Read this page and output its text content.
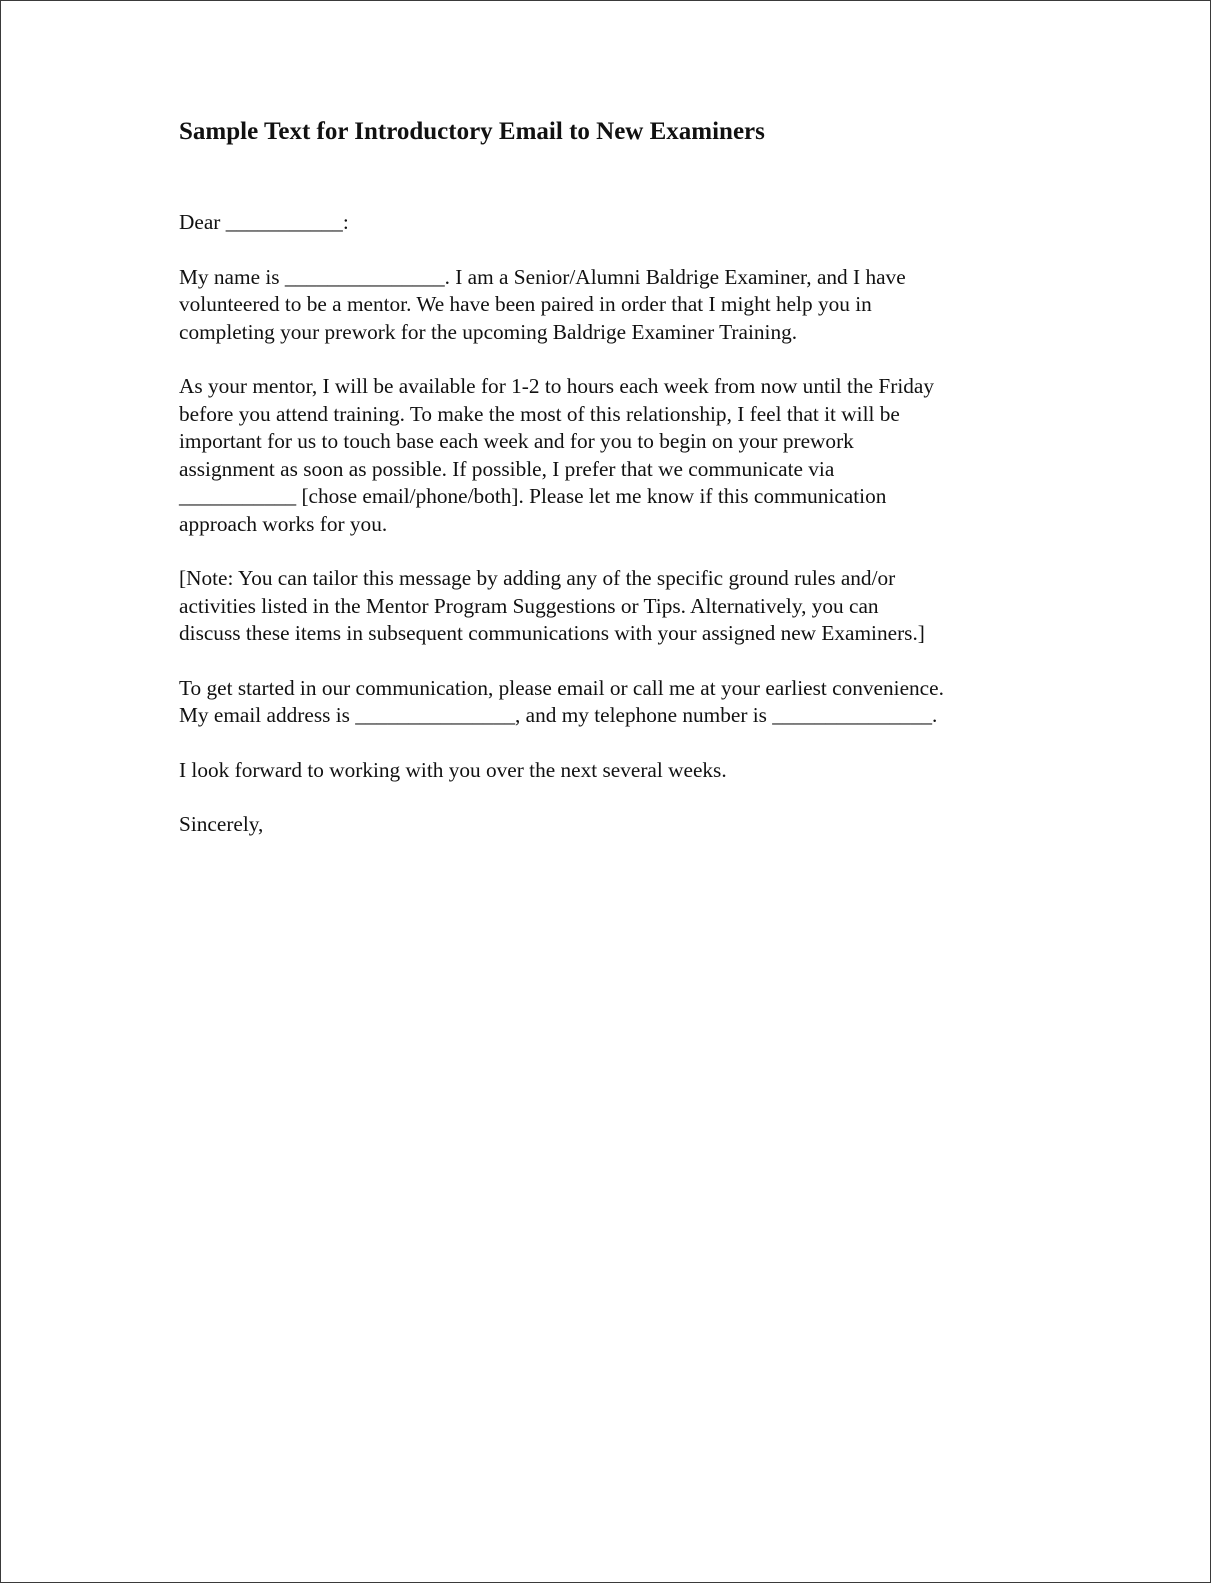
Sample Text for Introductory Email to New Examiners
Dear ___________:
My name is _______________. I am a Senior/Alumni Baldrige Examiner, and I have
volunteered to be a mentor. We have been paired in order that I might help you in
completing your prework for the upcoming Baldrige Examiner Training.
As your mentor, I will be available for 1-2 to hours each week from now until the Friday
before you attend training. To make the most of this relationship, I feel that it will be
important for us to touch base each week and for you to begin on your prework
assignment as soon as possible. If possible, I prefer that we communicate via
___________ [chose email/phone/both]. Please let me know if this communication
approach works for you.
[Note: You can tailor this message by adding any of the specific ground rules and/or
activities listed in the Mentor Program Suggestions or Tips. Alternatively, you can
discuss these items in subsequent communications with your assigned new Examiners.]
To get started in our communication, please email or call me at your earliest convenience.
My email address is _______________, and my telephone number is _______________.
I look forward to working with you over the next several weeks.
Sincerely,
